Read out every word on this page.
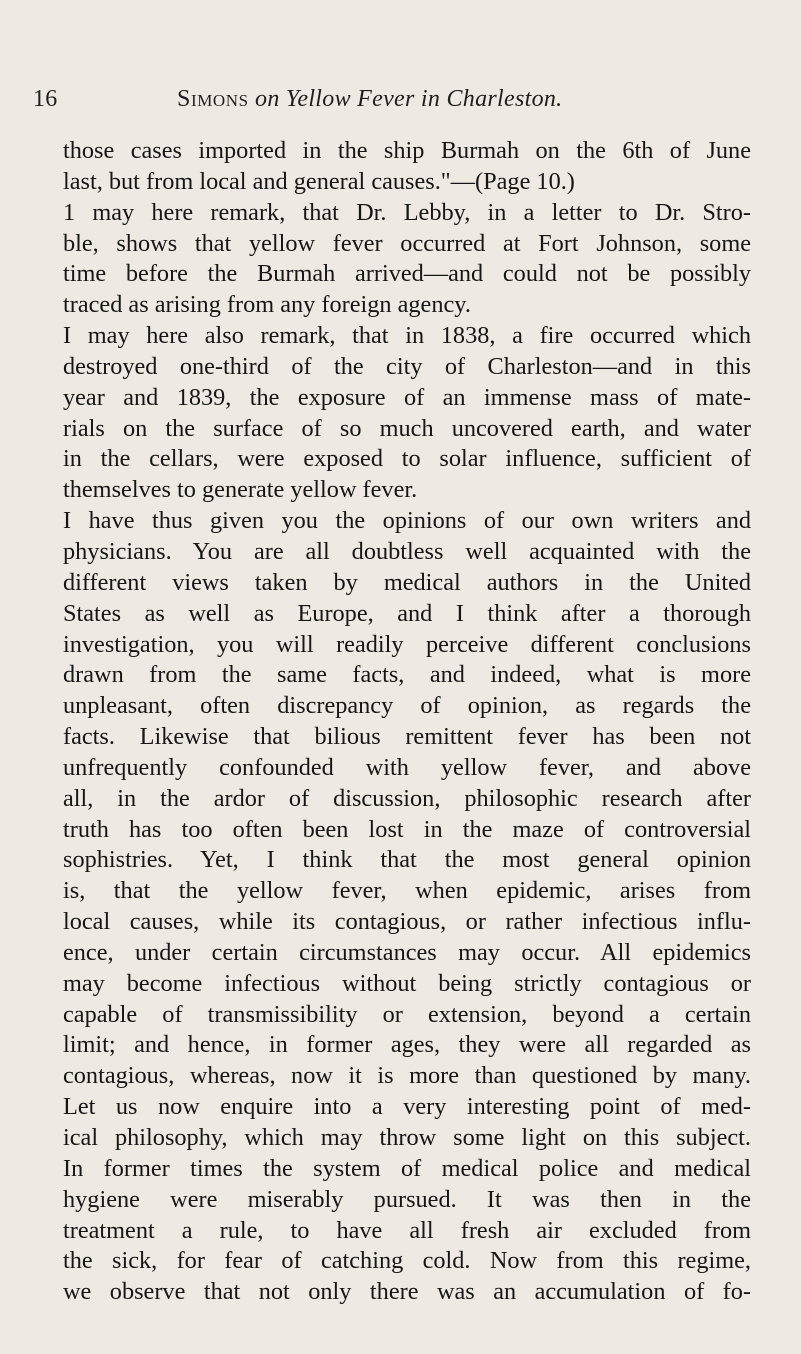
16	Simons on Yellow Fever in Charleston.
those cases imported in the ship Burmah on the 6th of June
last, but from local and general causes."—(Page 10.)
1 may here remark, that Dr. Lebby, in a letter to Dr. Stro-
ble, shows that yellow fever occurred at Fort Johnson, some
time before the Burmah arrived—and could not be possibly
traced as arising from any foreign agency.
I may here also remark, that in 1838, a fire occurred which
destroyed one-third of the city of Charleston—and in this
year and 1839, the exposure of an immense mass of mate-
rials on the surface of so much uncovered earth, and water
in the cellars, were exposed to solar influence, sufficient of
themselves to generate yellow fever.
I have thus given you the opinions of our own writers and
physicians. You are all doubtless well acquainted with the
different views taken by medical authors in the United
States as well as Europe, and I think after a thorough
investigation, you will readily perceive different conclusions
drawn from the same facts, and indeed, what is more
unpleasant, often discrepancy of opinion, as regards the
facts. Likewise that bilious remittent fever has been not
unfrequently confounded with yellow fever, and above
all, in the ardor of discussion, philosophic research after
truth has too often been lost in the maze of controversial
sophistries. Yet, I think that the most general opinion
is, that the yellow fever, when epidemic, arises from
local causes, while its contagious, or rather infectious influ-
ence, under certain circumstances may occur. All epidemics
may become infectious without being strictly contagious or
capable of transmissibility or extension, beyond a certain
limit; and hence, in former ages, they were all regarded as
contagious, whereas, now it is more than questioned by many.
Let us now enquire into a very interesting point of med-
ical philosophy, which may throw some light on this subject.
In former times the system of medical police and medical
hygiene were miserably pursued. It was then in the
treatment a rule, to have all fresh air excluded from
the sick, for fear of catching cold. Now from this regime,
we observe that not only there was an accumulation of fo-
